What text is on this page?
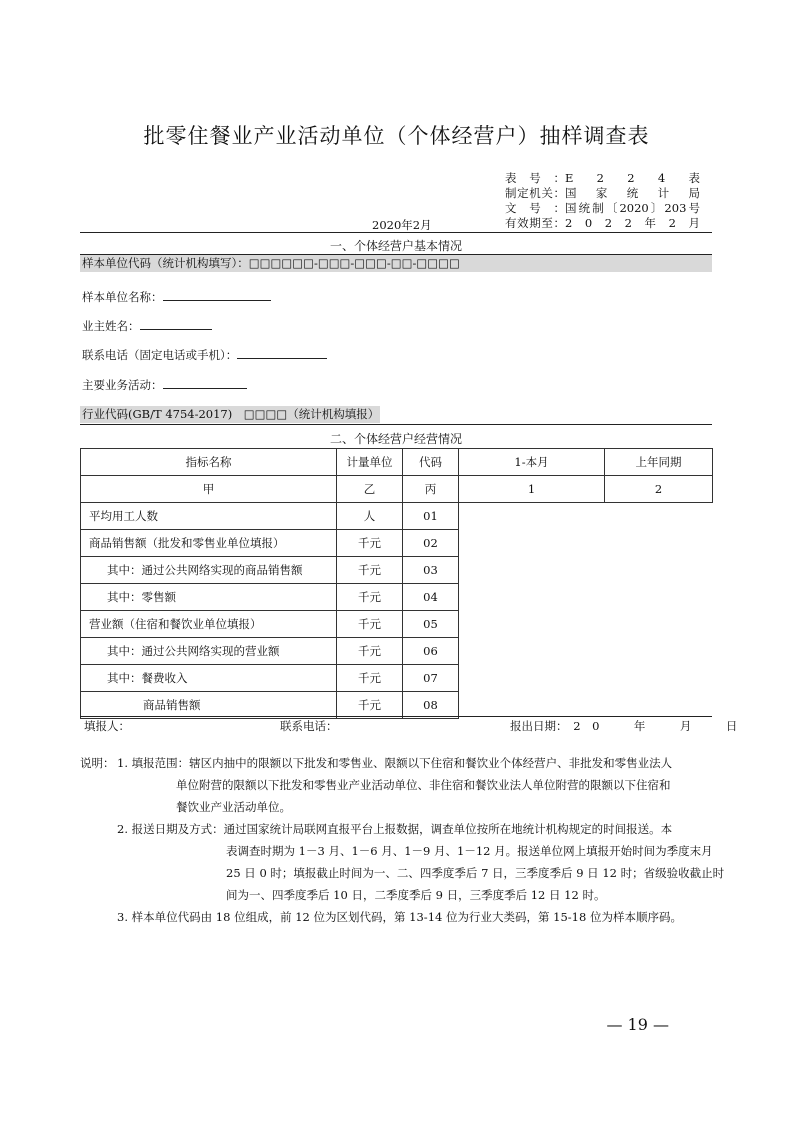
批零住餐业产业活动单位（个体经营户）抽样调查表
表号：E　2　2　4　表
制定机关：国　家　统　计　局
文号：国统制〔2020〕203号
有效期至：2　0　2　2　年　2　月
2020年2月
一、个体经营户基本情况
样本单位代码（统计机构填写）：□□□□□□-□□□-□□□-□□-□□□□
样本单位名称：
业主姓名：
联系电话（固定电话或手机）：
主要业务活动：
行业代码(GB/T 4754-2017)　□□□□（统计机构填报）
二、个体经营户经营情况
指标名称	计量单位	代码	1-本月	上年同期
甲	乙	丙	1	2
平均用工人数	人	01		
商品销售额（批发和零售业单位填报）	千元	02		
其中：通过公共网络实现的商品销售额	千元	03		
其中：零售额	千元	04		
营业额（住宿和餐饮业单位填报）	千元	05		
其中：通过公共网络实现的营业额	千元	06		
其中：餐费收入	千元	07		
商品销售额	千元	08		
填报人：	联系电话：	报出日期：　2　0　　　年　　　月　　　日
说明： 1. 填报范围：辖区内抽中的限额以下批发和零售业、限额以下住宿和餐饮业个体经营户、非批发和零售业法人
单位附营的限额以下批发和零售业产业活动单位、非住宿和餐饮业法人单位附营的限额以下住宿和
餐饮业产业活动单位。
2. 报送日期及方式：通过国家统计局联网直报平台上报数据，调查单位按所在地统计机构规定的时间报送。本
表调查时期为 1－3 月、1－6 月、1－9 月、1－12 月。报送单位网上填报开始时间为季度末月
25 日 0 时；填报截止时间为一、二、四季度季后 7 日，三季度季后 9 日 12 时；省级验收截止时
间为一、四季度季后 10 日，二季度季后 9 日，三季度季后 12 日 12 时。
3. 样本单位代码由 18 位组成，前 12 位为区划代码，第 13-14 位为行业大类码，第 15-18 位为样本顺序码。
— 19 —
